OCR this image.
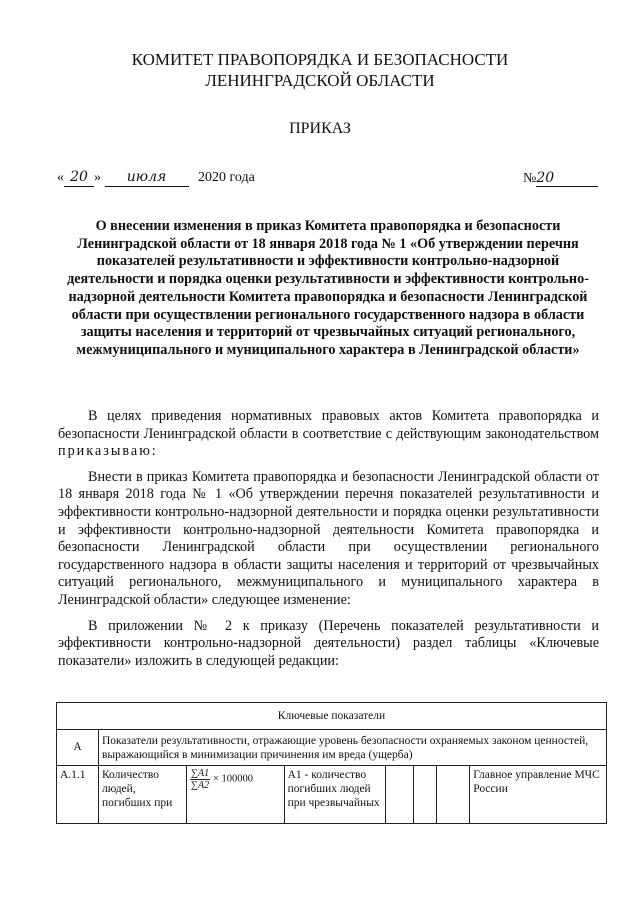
КОМИТЕТ ПРАВОПОРЯДКА И БЕЗОПАСНОСТИ
ЛЕНИНГРАДСКОЙ ОБЛАСТИ
ПРИКАЗ
« 20 » июля 2020 года	№20
О внесении изменения в приказ Комитета правопорядка и безопасности Ленинградской области от 18 января 2018 года № 1 «Об утверждении перечня показателей результативности и эффективности контрольно-надзорной деятельности и порядка оценки результативности и эффективности контрольно-надзорной деятельности Комитета правопорядка и безопасности Ленинградской области при осуществлении регионального государственного надзора в области защиты населения и территорий от чрезвычайных ситуаций регионального, межмуниципального и муниципального характера в Ленинградской области»

В целях приведения нормативных правовых актов Комитета правопорядка и безопасности Ленинградской области в соответствие с действующим законодательством приказываю:

Внести в приказ Комитета правопорядка и безопасности Ленинградской области от 18 января 2018 года № 1 «Об утверждении перечня показателей результативности и эффективности контрольно-надзорной деятельности и порядка оценки результативности и эффективности контрольно-надзорной деятельности Комитета правопорядка и безопасности Ленинградской области при осуществлении регионального государственного надзора в области защиты населения и территорий от чрезвычайных ситуаций регионального, межмуниципального и муниципального характера в Ленинградской области» следующее изменение:

В приложении № 2 к приказу (Перечень показателей результативности и эффективности контрольно-надзорной деятельности) раздел таблицы «Ключевые показатели» изложить в следующей редакции:

Ключевые показатели							
А	Показатели результативности, отражающие уровень безопасности охраняемых законом ценностей, выражающийся в минимизации причинения им вреда (ущерба)						
А.1.1	Количество людей, погибших при	$\frac{\sum A1}{\sum A2} \times 100000$	А1 - количество погибших людей при чрезвычайных				Главное управление МЧС России
